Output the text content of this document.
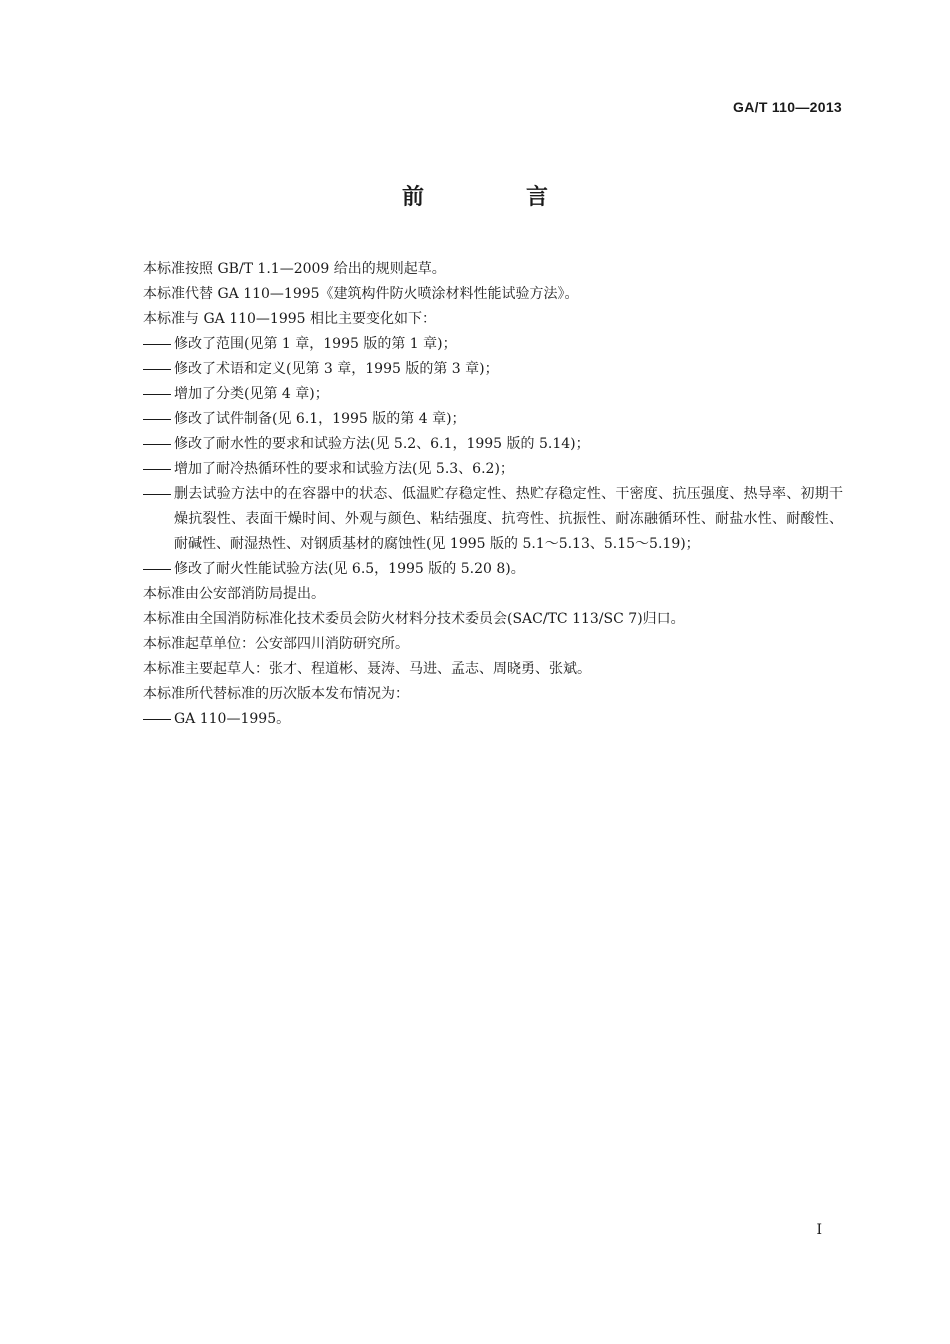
GA/T 110—2013
前　言

本标准按照 GB/T 1.1—2009 给出的规则起草。

本标准代替 GA 110—1995《建筑构件防火喷涂材料性能试验方法》。

本标准与 GA 110—1995 相比主要变化如下：

修改了范围(见第 1 章，1995 版的第 1 章)；
修改了术语和定义(见第 3 章，1995 版的第 3 章)；
增加了分类(见第 4 章)；
修改了试件制备(见 6.1，1995 版的第 4 章)；
修改了耐水性的要求和试验方法(见 5.2、6.1，1995 版的 5.14)；
增加了耐冷热循环性的要求和试验方法(见 5.3、6.2)；
删去试验方法中的在容器中的状态、低温贮存稳定性、热贮存稳定性、干密度、抗压强度、热导率、初期干燥抗裂性、表面干燥时间、外观与颜色、粘结强度、抗弯性、抗振性、耐冻融循环性、耐盐水性、耐酸性、耐碱性、耐湿热性、对钢质基材的腐蚀性(见 1995 版的 5.1～5.13、5.15～5.19)；
修改了耐火性能试验方法(见 6.5，1995 版的 5.20 8)。

本标准由公安部消防局提出。

本标准由全国消防标准化技术委员会防火材料分技术委员会(SAC/TC 113/SC 7)归口。

本标准起草单位：公安部四川消防研究所。

本标准主要起草人：张才、程道彬、聂涛、马进、孟志、周晓勇、张斌。

本标准所代替标准的历次版本发布情况为：

GA 110—1995。
I
